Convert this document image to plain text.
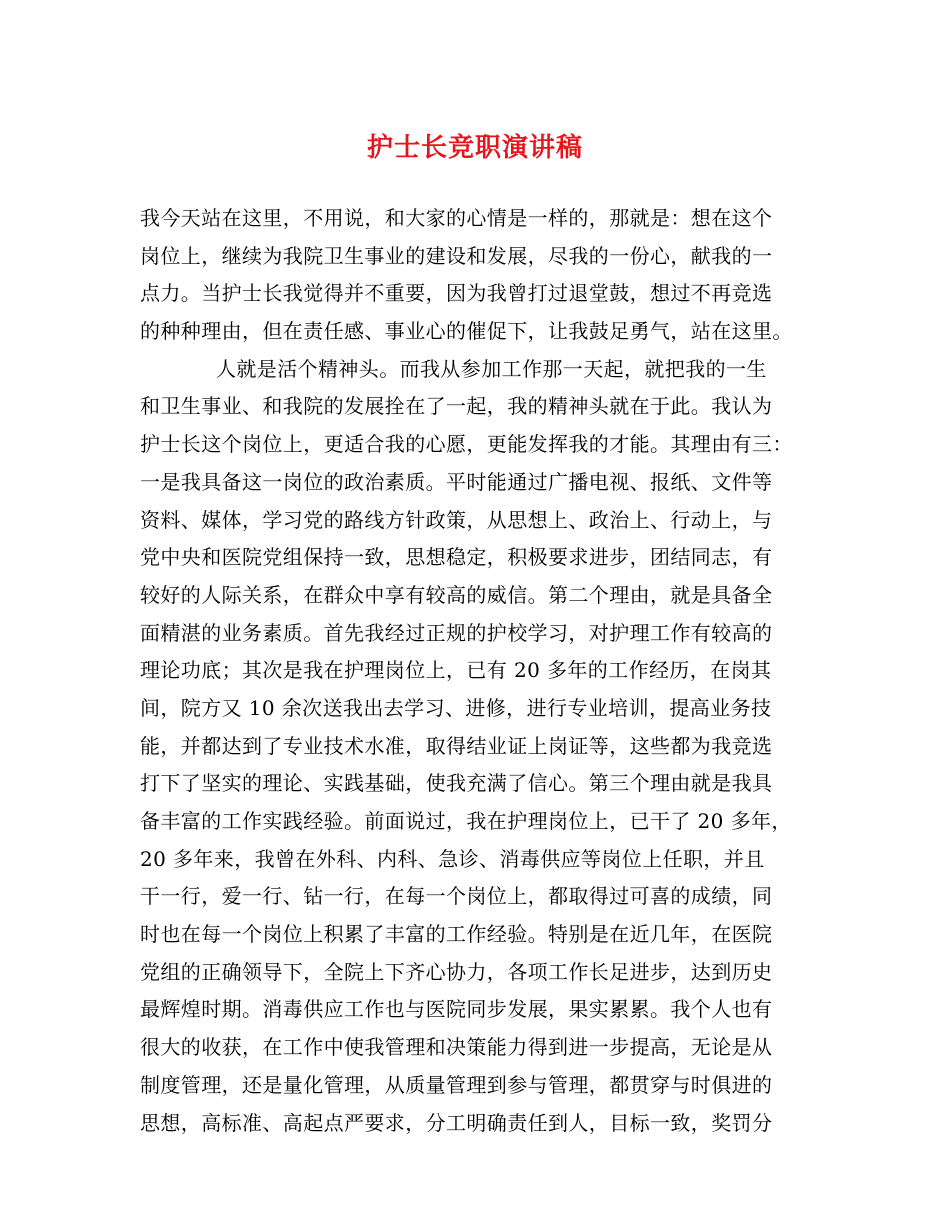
护士长竞职演讲稿
我今天站在这里，不用说，和大家的心情是一样的，那就是：想在这个
岗位上，继续为我院卫生事业的建设和发展，尽我的一份心，献我的一
点力。当护士长我觉得并不重要，因为我曾打过退堂鼓，想过不再竞选
的种种理由，但在责任感、事业心的催促下，让我鼓足勇气，站在这里。
人就是活个精神头。而我从参加工作那一天起，就把我的一生
和卫生事业、和我院的发展拴在了一起，我的精神头就在于此。我认为
护士长这个岗位上，更适合我的心愿，更能发挥我的才能。其理由有三：
一是我具备这一岗位的政治素质。平时能通过广播电视、报纸、文件等
资料、媒体，学习党的路线方针政策，从思想上、政治上、行动上，与
党中央和医院党组保持一致，思想稳定，积极要求进步，团结同志，有
较好的人际关系，在群众中享有较高的威信。第二个理由，就是具备全
面精湛的业务素质。首先我经过正规的护校学习，对护理工作有较高的
理论功底；其次是我在护理岗位上，已有 20 多年的工作经历，在岗其
间，院方又 10 余次送我出去学习、进修，进行专业培训，提高业务技
能，并都达到了专业技术水准，取得结业证上岗证等，这些都为我竞选
打下了坚实的理论、实践基础，使我充满了信心。第三个理由就是我具
备丰富的工作实践经验。前面说过，我在护理岗位上，已干了 20 多年，
20 多年来，我曾在外科、内科、急诊、消毒供应等岗位上任职，并且
干一行，爱一行、钻一行，在每一个岗位上，都取得过可喜的成绩，同
时也在每一个岗位上积累了丰富的工作经验。特别是在近几年，在医院
党组的正确领导下，全院上下齐心协力，各项工作长足进步，达到历史
最辉煌时期。消毒供应工作也与医院同步发展，果实累累。我个人也有
很大的收获，在工作中使我管理和决策能力得到进一步提高，无论是从
制度管理，还是量化管理，从质量管理到参与管理，都贯穿与时俱进的
思想，高标准、高起点严要求，分工明确责任到人，目标一致，奖罚分
